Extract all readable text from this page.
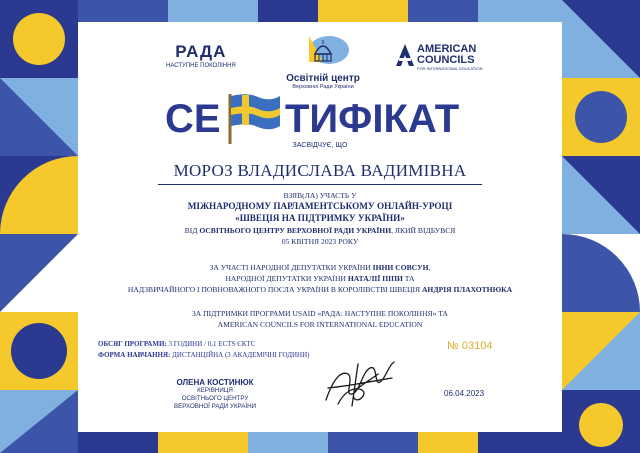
РАДА
НАСТУПНЕ ПОКОЛІННЯ
Освітній центр
Верховної Ради України
AMERICAN
COUNCILS
FOR INTERNATIONAL EDUCATION
СЕ ТИФІКАТ
ЗАСВІДЧУЄ, ЩО
МОРОЗ ВЛАДИСЛАВА ВАДИМІВНА
ВЗЯВ(ЛА) УЧАСТЬ У
МІЖНАРОДНОМУ ПАРЛАМЕНТСЬКОМУ ОНЛАЙН-УРОЦІ
«ШВЕЦІЯ НА ПІДТРИМКУ УКРАЇНИ»
ВІД ОСВІТНЬОГО ЦЕНТРУ ВЕРХОВНОЇ РАДИ УКРАЇНИ, ЯКИЙ ВІДБУВСЯ
05 КВІТНЯ 2023 РОКУ
ЗА УЧАСТІ НАРОДНОЇ ДЕПУТАТКИ УКРАЇНИ ІННИ СОВСУН,
НАРОДНОЇ ДЕПУТАТКИ УКРАЇНИ НАТАЛІЇ ПІПИ ТА
НАДЗВИЧАЙНОГО І ПОВНОВАЖНОГО ПОСЛА УКРАЇНИ В КОРОЛІВСТВІ ШВЕЦІЯ АНДРІЯ ПЛАХОТНЮКА
ЗА ПІДТРИМКИ ПРОГРАМИ USAID «РАДА: НАСТУПНЕ ПОКОЛІННЯ» ТА
AMERICAN COUNCILS FOR INTERNATIONAL EDUCATION
ОБСЯГ ПРОГРАМИ: 3 ГОДИНИ / 0,1 ECTS ЄКТС
ФОРМА НАВЧАННЯ: ДИСТАНЦІЙНА (3 АКАДЕМІЧНІ ГОДИНИ)
№ 03104
ОЛЕНА КОСТИНЮК
КЕРІВНИЦЯ
ОСВІТНЬОГО ЦЕНТРУ
ВЕРХОВНОЇ РАДИ УКРАЇНИ
06.04.2023
